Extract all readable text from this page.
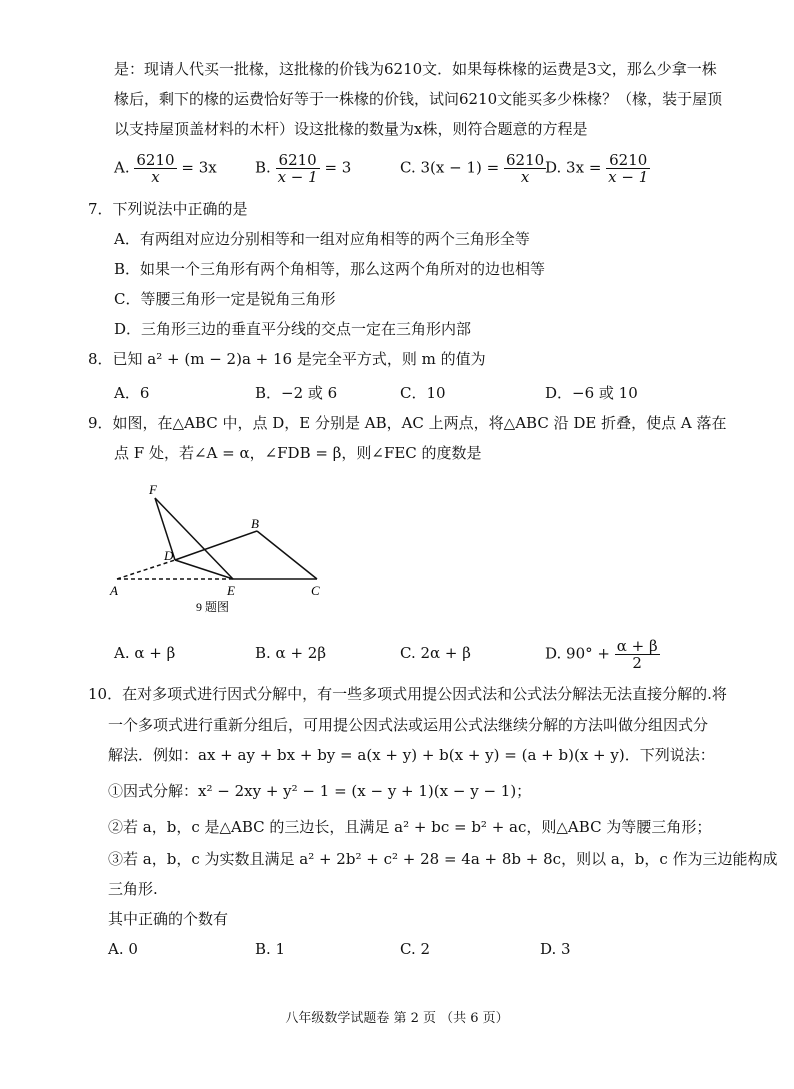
是：现请人代买一批椽，这批椽的价钱为6210文．如果每株椽的运费是3文，那么少拿一株
椽后，剩下的椽的运费恰好等于一株椽的价钱，试问6210文能买多少株椽？（椽，装于屋顶
以支持屋顶盖材料的木杆）设这批椽的数量为x株，则符合题意的方程是
A. $\frac{6210}{x} = 3x$	B. $\frac{6210}{x - 1} = 3$	C. $3(x - 1) = \frac{6210}{x}$
D. $3x = \frac{6210}{x - 1}$
7．下列说法中正确的是
A．有两组对应边分别相等和一组对应角相等的两个三角形全等
B．如果一个三角形有两个角相等，那么这两个角所对的边也相等
C．等腰三角形一定是锐角三角形
D．三角形三边的垂直平分线的交点一定在三角形内部
8．已知 a² + (m − 2)a + 16 是完全平方式，则 m 的值为
A．6	B．−2 或 6	C．10	D．−6 或 10
9．如图，在△ABC 中，点 D，E 分别是 AB，AC 上两点，将△ABC 沿 DE 折叠，使点 A 落在
点 F 处，若∠A = α，∠FDB = β，则∠FEC 的度数是
F
B
D
A	E	C
9 题图
A. α + β	B. α + 2β	C. 2α + β	D. $90^\circ + \frac{\alpha + \beta}{2}$
10．在对多项式进行因式分解中，有一些多项式用提公因式法和公式法分解法无法直接分解的.将
一个多项式进行重新分组后，可用提公因式法或运用公式法继续分解的方法叫做分组因式分
解法．例如：ax + ay + bx + by = a(x + y) + b(x + y) = (a + b)(x + y)．下列说法：
①因式分解：x² − 2xy + y² − 1 = (x − y + 1)(x − y − 1)；
②若 a，b，c 是△ABC 的三边长，且满足 a² + bc = b² + ac，则△ABC 为等腰三角形；
③若 a，b，c 为实数且满足 a² + 2b² + c² + 28 = 4a + 8b + 8c，则以 a，b，c 作为三边能构成
三角形.
其中正确的个数有
A. 0	B. 1	C. 2	D. 3
八年级数学试题卷 第 2 页 （共 6 页）
